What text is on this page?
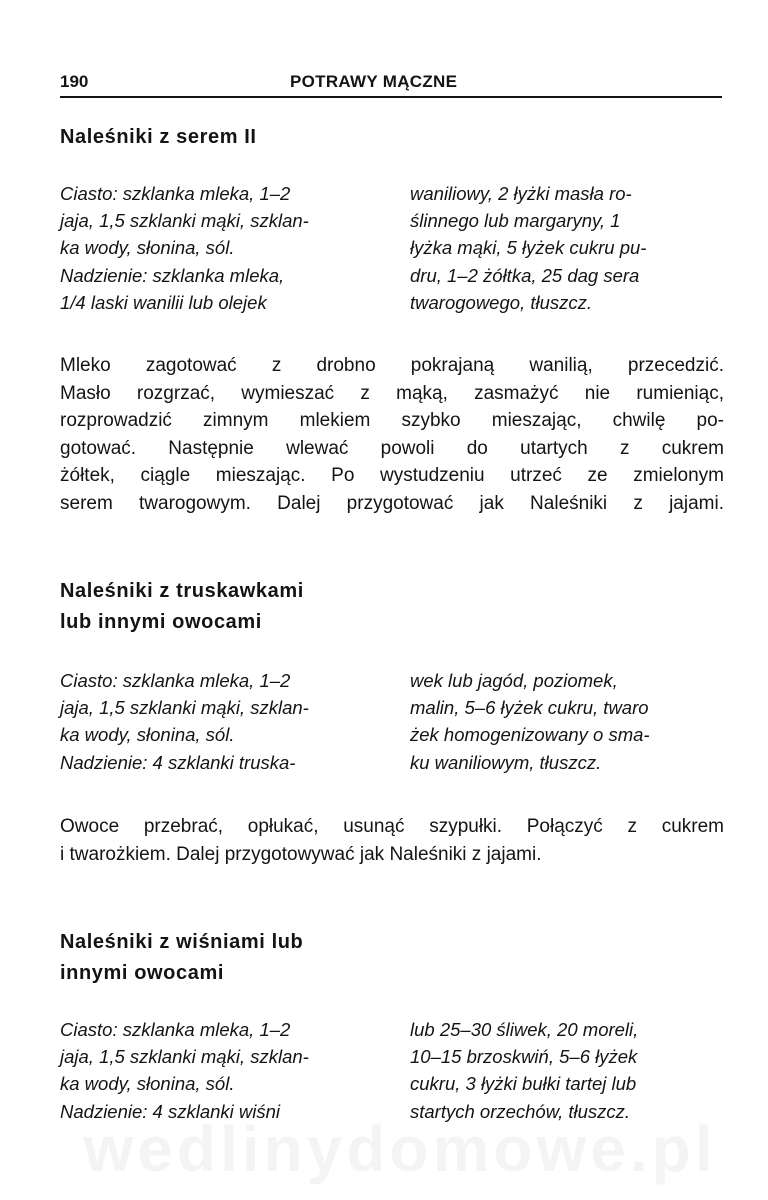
190	POTRAWY MĄCZNE
Naleśniki z serem II
Ciasto: szklanka mleka, 1–2
jaja, 1,5 szklanki mąki, szklan-
ka wody, słonina, sól.
Nadzienie: szklanka mleka,
1/4 laski wanilii lub olejek
waniliowy, 2 łyżki masła ro-
ślinnego lub margaryny, 1
łyżka mąki, 5 łyżek cukru pu-
dru, 1–2 żółtka, 25 dag sera
twarogowego, tłuszcz.
Mleko zagotować z drobno pokrajaną wanilią, przecedzić.
Masło rozgrzać, wymieszać z mąką, zasmażyć nie rumieniąc,
rozprowadzić zimnym mlekiem szybko mieszając, chwilę po-
gotować. Następnie wlewać powoli do utartych z cukrem
żółtek, ciągle mieszając. Po wystudzeniu utrzeć ze zmielonym
serem twarogowym. Dalej przygotować jak Naleśniki z jajami.
Naleśniki z truskawkami
lub innymi owocami
Ciasto: szklanka mleka, 1–2
jaja, 1,5 szklanki mąki, szklan-
ka wody, słonina, sól.
Nadzienie: 4 szklanki truska-
wek lub jagód, poziomek,
malin, 5–6 łyżek cukru, twaro
żek homogenizowany o sma-
ku waniliowym, tłuszcz.
Owoce przebrać, opłukać, usunąć szypułki. Połączyć z cukrem
i twarożkiem. Dalej przygotowywać jak Naleśniki z jajami.
Naleśniki z wiśniami lub
innymi owocami
Ciasto: szklanka mleka, 1–2
jaja, 1,5 szklanki mąki, szklan-
ka wody, słonina, sól.
Nadzienie: 4 szklanki wiśni
lub 25–30 śliwek, 20 moreli,
10–15 brzoskwiń, 5–6 łyżek
cukru, 3 łyżki bułki tartej lub
startych orzechów, tłuszcz.
